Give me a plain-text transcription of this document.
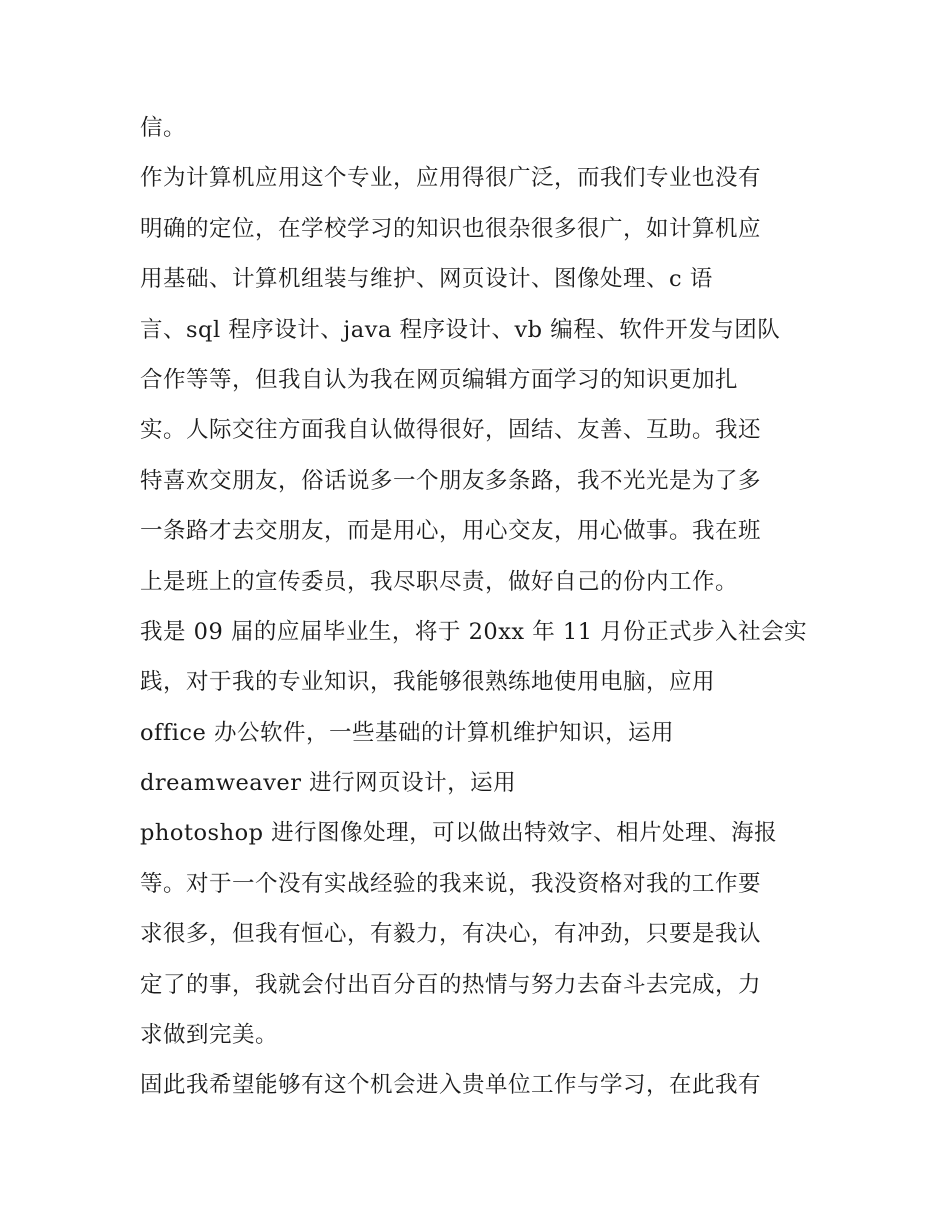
信。
作为计算机应用这个专业，应用得很广泛，而我们专业也没有
明确的定位，在学校学习的知识也很杂很多很广，如计算机应
用基础、计算机组装与维护、网页设计、图像处理、c 语
言、sql 程序设计、java 程序设计、vb 编程、软件开发与团队
合作等等，但我自认为我在网页编辑方面学习的知识更加扎
实。人际交往方面我自认做得很好，固结、友善、互助。我还
特喜欢交朋友，俗话说多一个朋友多条路，我不光光是为了多
一条路才去交朋友，而是用心，用心交友，用心做事。我在班
上是班上的宣传委员，我尽职尽责，做好自己的份内工作。
我是 09 届的应届毕业生，将于 20xx 年 11 月份正式步入社会实
践，对于我的专业知识，我能够很熟练地使用电脑，应用
office 办公软件，一些基础的计算机维护知识，运用
dreamweaver 进行网页设计，运用
photoshop 进行图像处理，可以做出特效字、相片处理、海报
等。对于一个没有实战经验的我来说，我没资格对我的工作要
求很多，但我有恒心，有毅力，有决心，有冲劲，只要是我认
定了的事，我就会付出百分百的热情与努力去奋斗去完成，力
求做到完美。
固此我希望能够有这个机会进入贵单位工作与学习，在此我有
